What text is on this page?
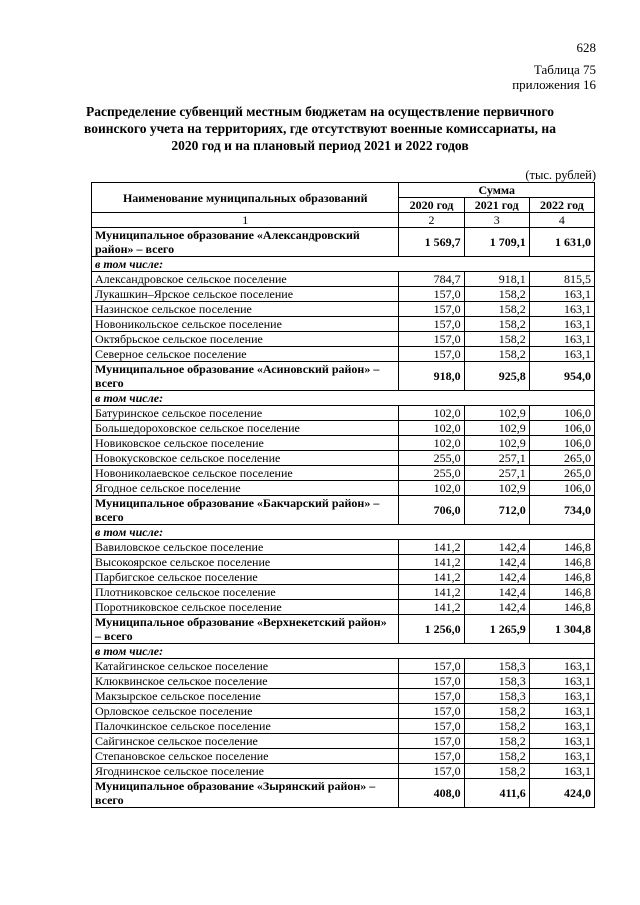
628
Таблица 75
приложения 16
Распределение субвенций местным бюджетам на осуществление первичного воинского учета на территориях, где отсутствуют военные комиссариаты, на 2020 год и на плановый период 2021 и 2022 годов
(тыс. рублей)
Наименование муниципальных образований	Сумма		
	2020 год	2021 год	2022 год
1	2	3	4
Муниципальное образование «Александровский район» – всего	1 569,7	1 709,1	1 631,0
в том числе:			
Александровское сельское поселение	784,7	918,1	815,5
Лукашкин–Ярское сельское поселение	157,0	158,2	163,1
Назинское сельское поселение	157,0	158,2	163,1
Новоникольское сельское поселение	157,0	158,2	163,1
Октябрьское сельское поселение	157,0	158,2	163,1
Северное сельское поселение	157,0	158,2	163,1
Муниципальное образование «Асиновский район» – всего	918,0	925,8	954,0
в том числе:			
Батуринское сельское поселение	102,0	102,9	106,0
Большедороховское сельское поселение	102,0	102,9	106,0
Новиковское сельское поселение	102,0	102,9	106,0
Новокусковское сельское поселение	255,0	257,1	265,0
Новониколаевское сельское поселение	255,0	257,1	265,0
Ягодное сельское поселение	102,0	102,9	106,0
Муниципальное образование «Бакчарский район» – всего	706,0	712,0	734,0
в том числе:			
Вавиловское сельское поселение	141,2	142,4	146,8
Высокоярское сельское поселение	141,2	142,4	146,8
Парбигское сельское поселение	141,2	142,4	146,8
Плотниковское сельское поселение	141,2	142,4	146,8
Поротниковское сельское поселение	141,2	142,4	146,8
Муниципальное образование «Верхнекетский район» – всего	1 256,0	1 265,9	1 304,8
в том числе:			
Катайгинское сельское поселение	157,0	158,3	163,1
Клюквинское сельское поселение	157,0	158,3	163,1
Макзырское сельское поселение	157,0	158,3	163,1
Орловское сельское поселение	157,0	158,2	163,1
Палочкинское сельское поселение	157,0	158,2	163,1
Сайгинское сельское поселение	157,0	158,2	163,1
Степановское сельское поселение	157,0	158,2	163,1
Ягоднинское сельское поселение	157,0	158,2	163,1
Муниципальное образование «Зырянский район» – всего	408,0	411,6	424,0
